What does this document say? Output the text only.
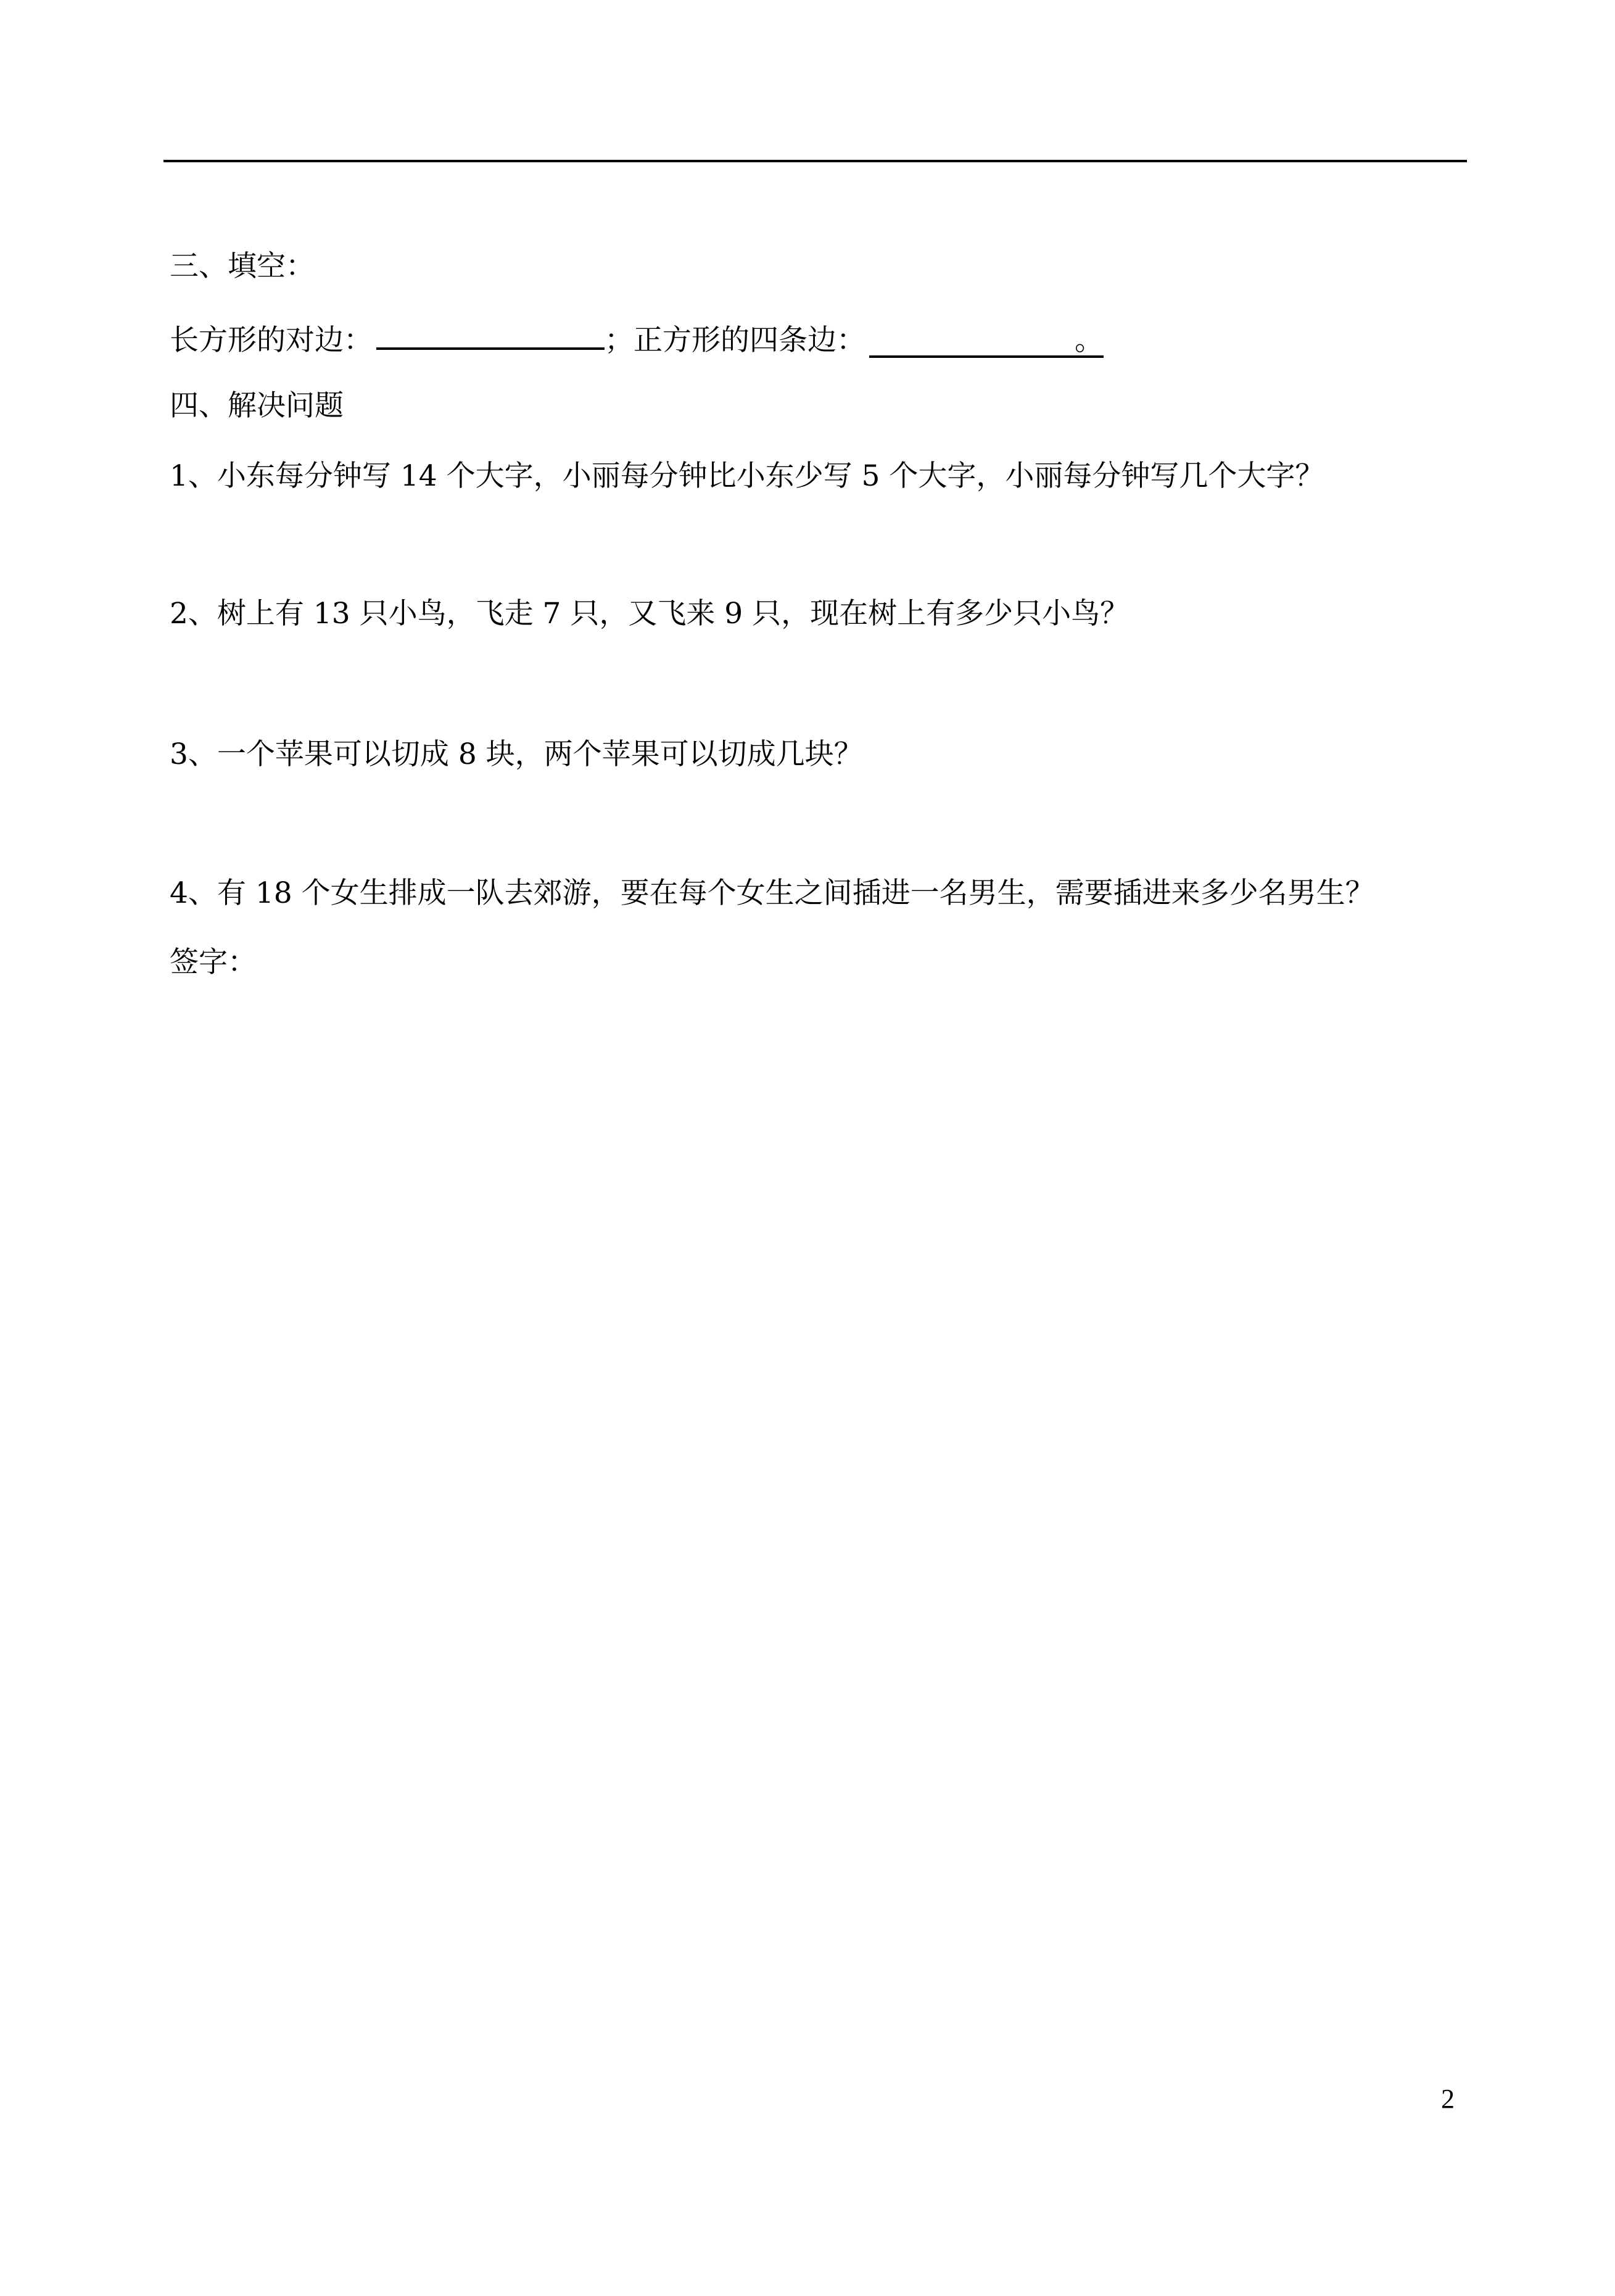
三、填空：
长方形的对边：	；正方形的四条边：	。
四、解决问题
1、小东每分钟写 14 个大字，小丽每分钟比小东少写 5 个大字，小丽每分钟写几个大字？
2、树上有 13 只小鸟，飞走 7 只，又飞来 9 只，现在树上有多少只小鸟？
3、一个苹果可以切成 8 块，两个苹果可以切成几块？
4、有 18 个女生排成一队去郊游，要在每个女生之间插进一名男生，需要插进来多少名男生？
签字：
2
